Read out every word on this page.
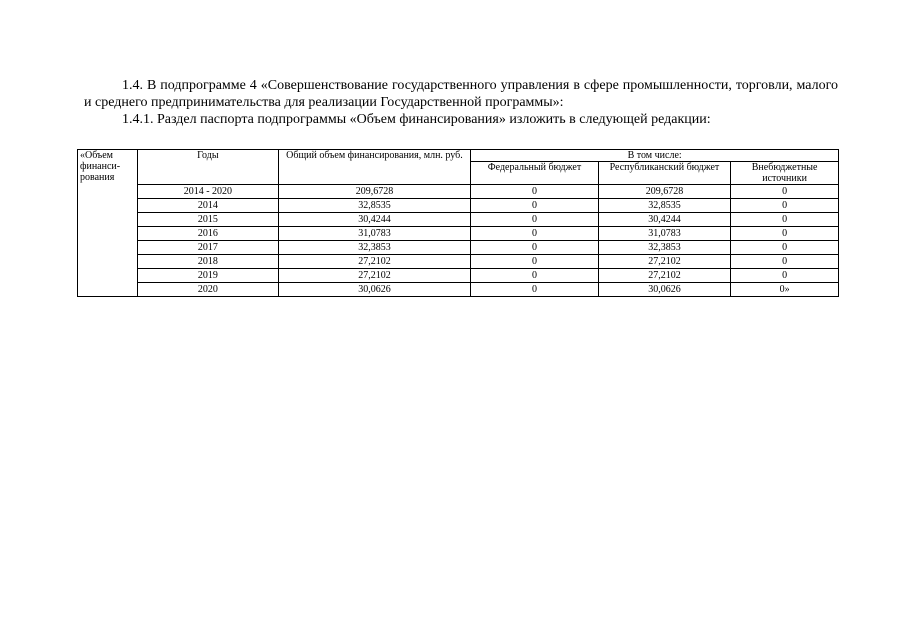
1.4. В подпрограмме 4 «Совершенствование государственного управления в сфере промышленности, торговли, малого и среднего предпринимательства для реализации Государственной программы»:
1.4.1. Раздел паспорта подпрограммы «Объем финансирования» изложить в следующей редакции:
«Объем финанси-рования	Годы	Общий объем финансирования, млн. руб.	В том числе:		
			Федеральный бюджет	Республиканский бюджет	Внебюджетные источники
	2014 - 2020	209,6728	0	209,6728	0
	2014	32,8535	0	32,8535	0
	2015	30,4244	0	30,4244	0
	2016	31,0783	0	31,0783	0
	2017	32,3853	0	32,3853	0
	2018	27,2102	0	27,2102	0
	2019	27,2102	0	27,2102	0
	2020	30,0626	0	30,0626	0»
